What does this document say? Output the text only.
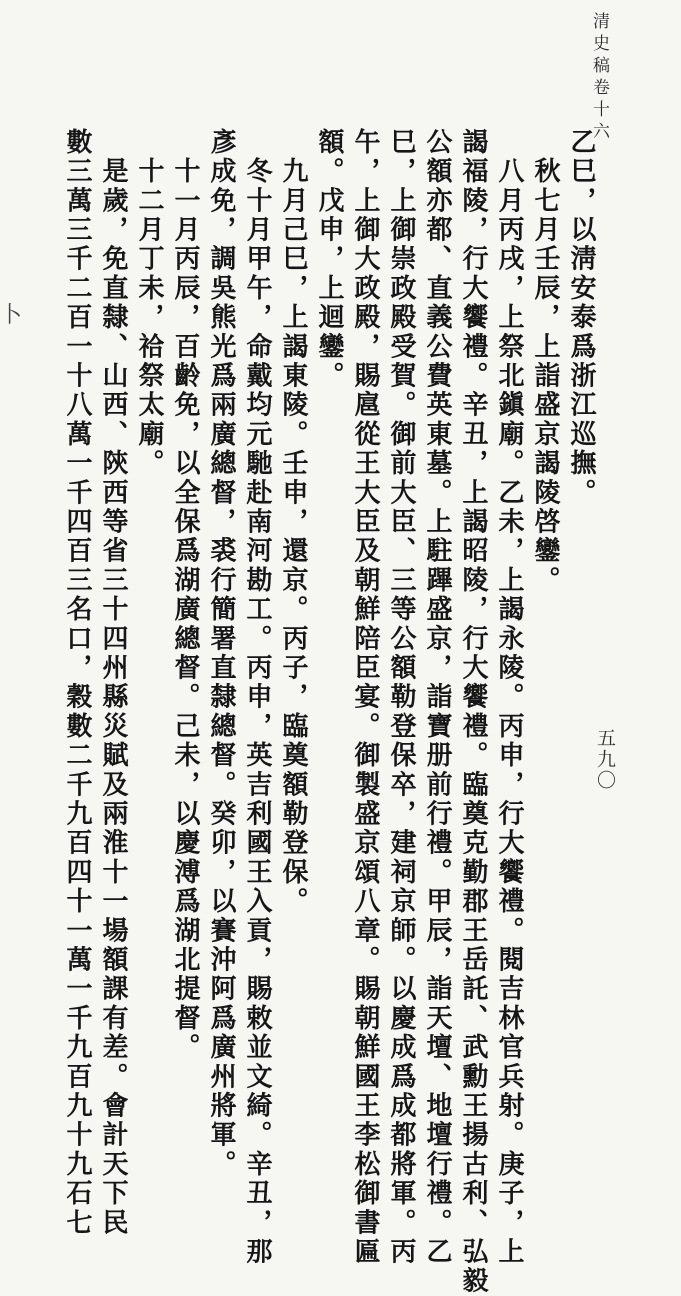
清史稿卷十六
五九〇
卜	乙巳，以淸安泰爲浙江巡撫。
　秋七月壬辰，上詣盛京謁陵啓鑾。
　八月丙戌，上祭北鎭廟。乙未，上謁永陵。丙申，行大饗禮。閱吉林官兵射。庚子，上
謁福陵，行大饗禮。辛丑，上謁昭陵，行大饗禮。臨奠克勤郡王岳託、武勳王揚古利、弘毅
公額亦都、直義公費英東墓。上駐蹕盛京，詣寶册前行禮。甲辰，詣天壇、地壇行禮。乙
巳，上御崇政殿受賀。御前大臣、三等公額勒登保卒，建祠京師。以慶成爲成都將軍。丙
午，上御大政殿，賜扈從王大臣及朝鮮陪臣宴。御製盛京頌八章。賜朝鮮國王李松御書匾
額。戊申，上迴鑾。
　九月己巳，上謁東陵。壬申，還京。丙子，臨奠額勒登保。
　冬十月甲午，命戴均元馳赴南河勘工。丙申，英吉利國王入貢，賜敕並文綺。辛丑，那
彥成免，調吳熊光爲兩廣總督，裘行簡署直隸總督。癸卯，以賽沖阿爲廣州將軍。
　十一月丙辰，百齡免，以全保爲湖廣總督。己未，以慶溥爲湖北提督。
　十二月丁未，祫祭太廟。
　是歲，免直隸、山西、陝西等省三十四州縣災賦及兩淮十一場額課有差。會計天下民
數三萬三千二百一十八萬一千四百三名口，穀數二千九百四十一萬一千九百九十九石七
